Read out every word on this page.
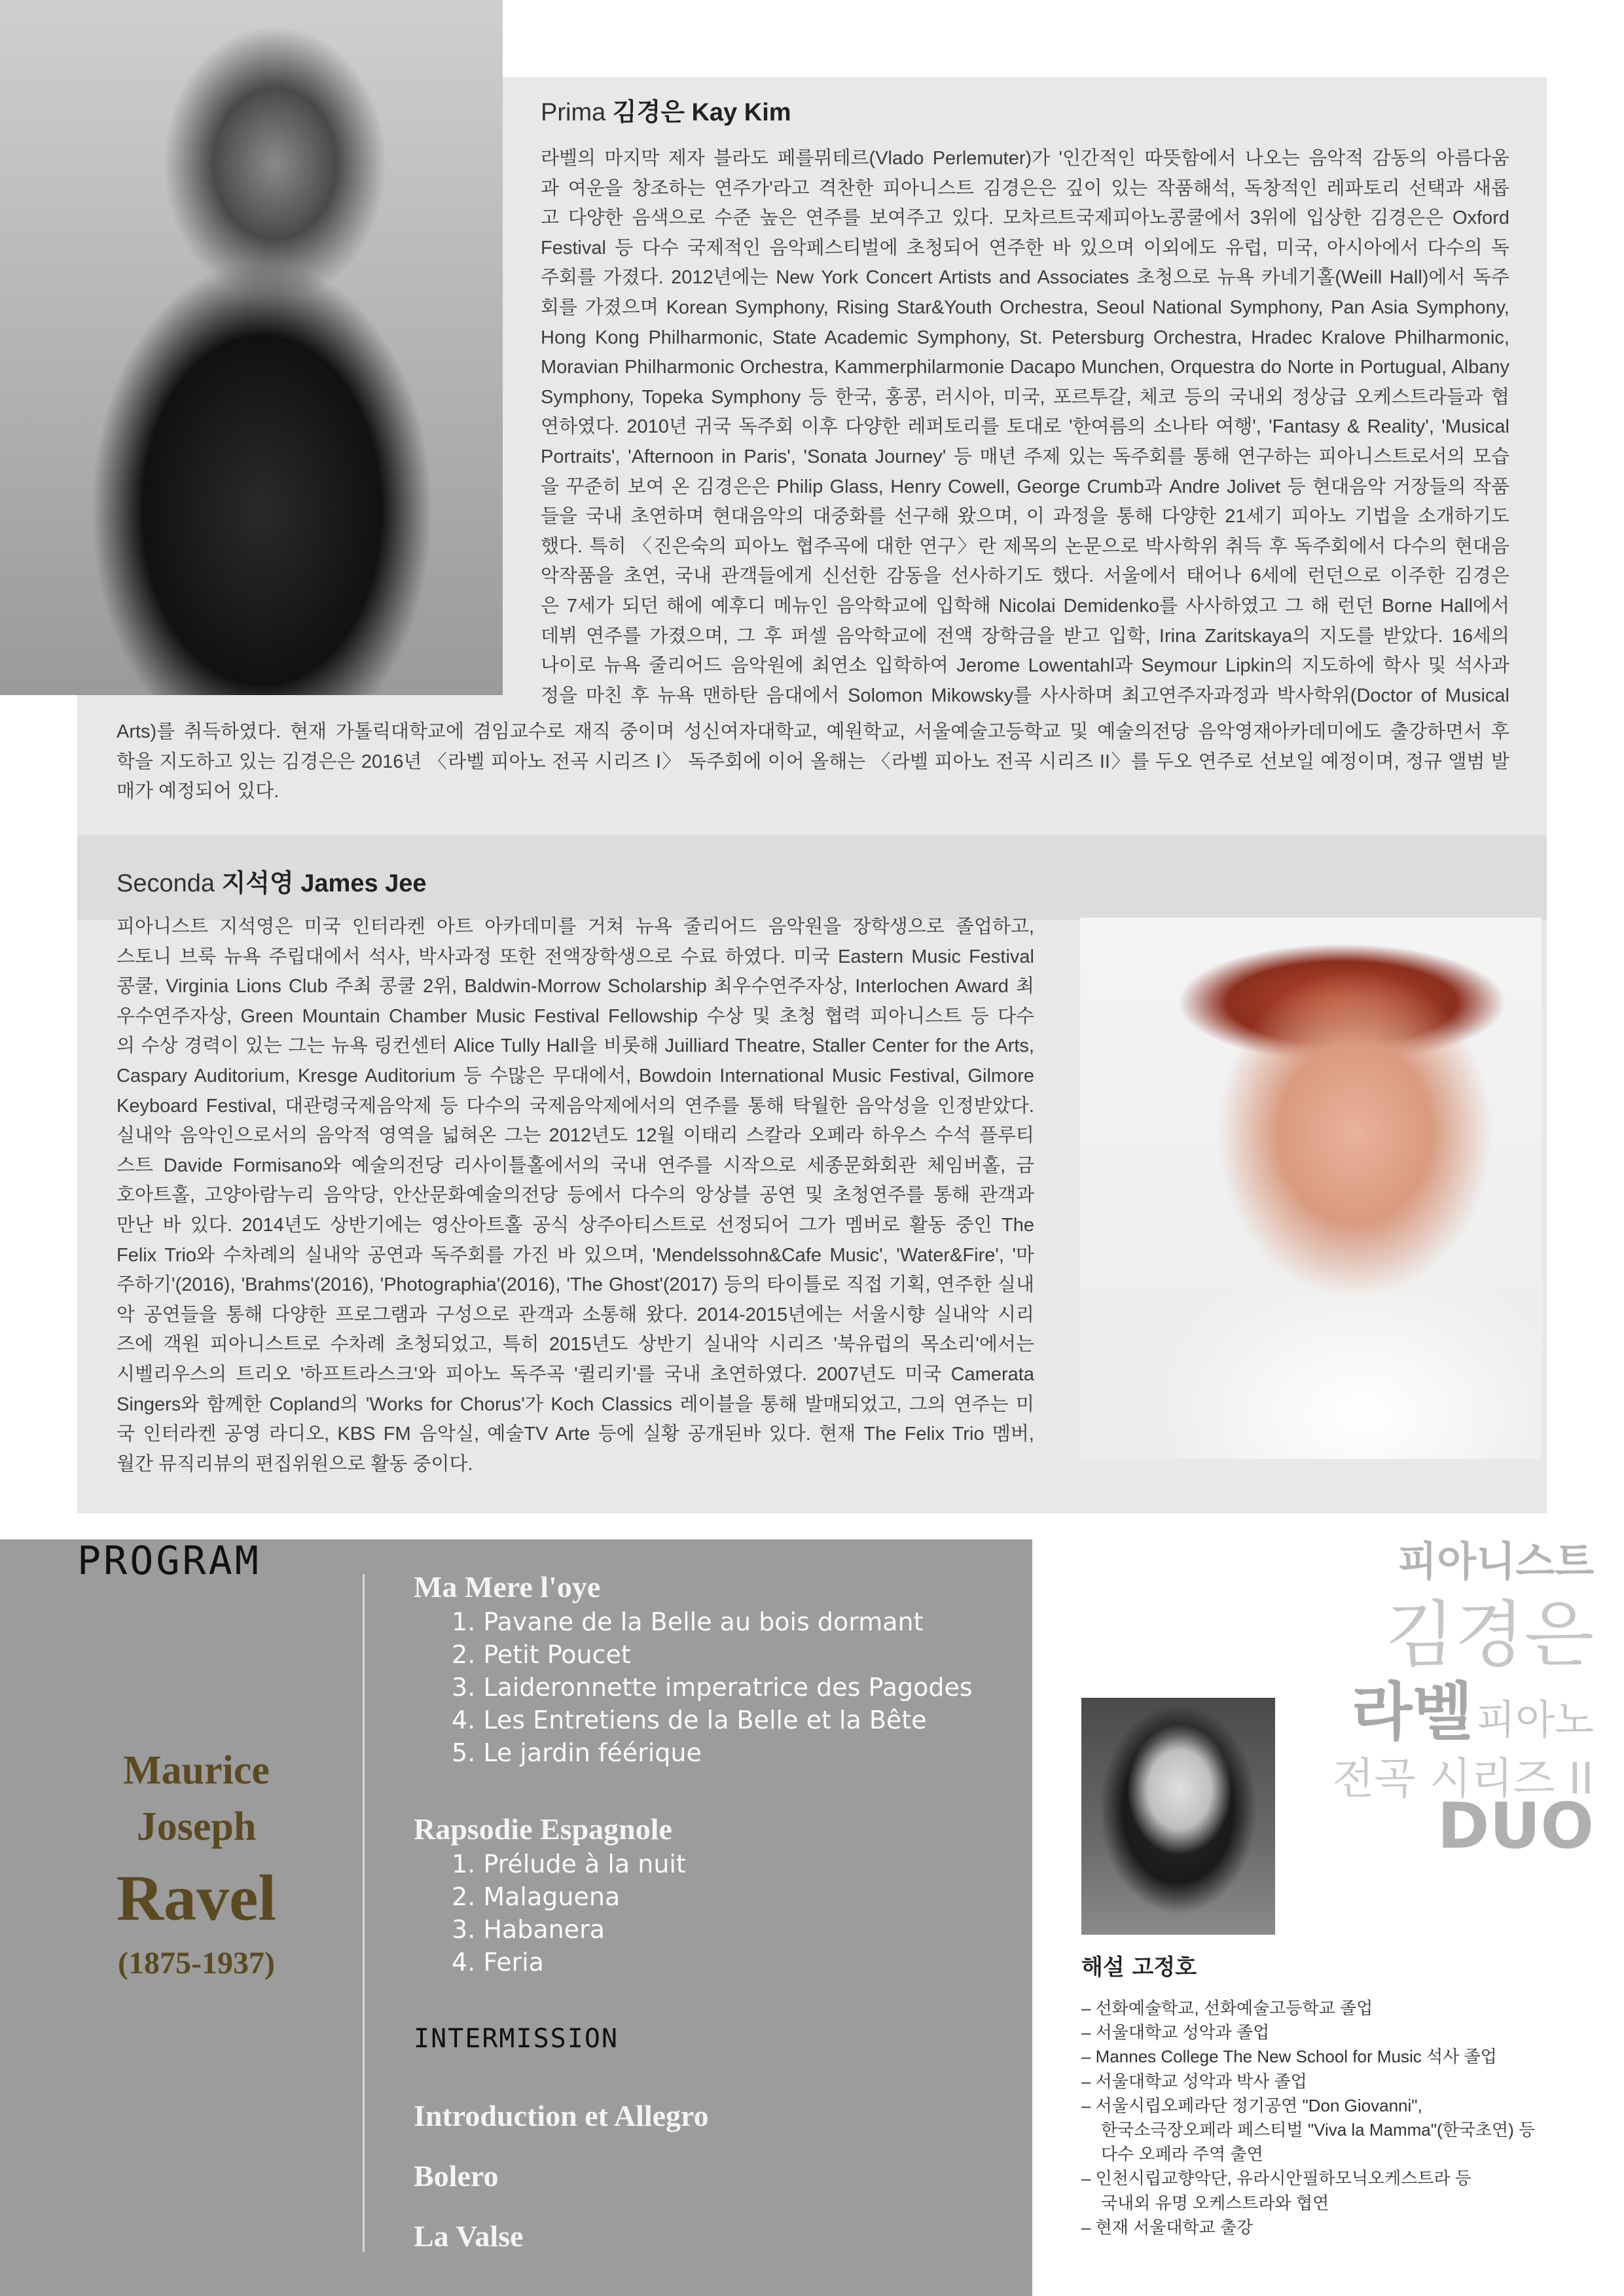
Prima 김경은 Kay Kim

라벨의 마지막 제자 블라도 페를뮈테르(Vlado Perlemuter)가 '인간적인 따뜻함에서 나오는 음악적 감동의 아름다움

과 여운을 창조하는 연주가'라고 격찬한 피아니스트 김경은은 깊이 있는 작품해석, 독창적인 레파토리 선택과 새롭

고 다양한 음색으로 수준 높은 연주를 보여주고 있다. 모차르트국제피아노콩쿨에서 3위에 입상한 김경은은 Oxford

Festival 등 다수 국제적인 음악페스티벌에 초청되어 연주한 바 있으며 이외에도 유럽, 미국, 아시아에서 다수의 독

주회를 가졌다. 2012년에는 New York Concert Artists and Associates 초청으로 뉴욕 카네기홀(Weill Hall)에서 독주

회를 가졌으며 Korean Symphony, Rising Star&Youth Orchestra, Seoul National Symphony, Pan Asia Symphony,

Hong Kong Philharmonic, State Academic Symphony, St. Petersburg Orchestra, Hradec Kralove Philharmonic,

Moravian Philharmonic Orchestra, Kammerphilarmonie Dacapo Munchen, Orquestra do Norte in Portugual, Albany

Symphony, Topeka Symphony 등 한국, 홍콩, 러시아, 미국, 포르투갈, 체코 등의 국내외 정상급 오케스트라들과 협

연하였다. 2010년 귀국 독주회 이후 다양한 레퍼토리를 토대로 '한여름의 소나타 여행', 'Fantasy & Reality', 'Musical

Portraits', 'Afternoon in Paris', 'Sonata Journey' 등 매년 주제 있는 독주회를 통해 연구하는 피아니스트로서의 모습

을 꾸준히 보여 온 김경은은 Philip Glass, Henry Cowell, George Crumb과 Andre Jolivet 등 현대음악 거장들의 작품

들을 국내 초연하며 현대음악의 대중화를 선구해 왔으며, 이 과정을 통해 다양한 21세기 피아노 기법을 소개하기도

했다. 특히 〈진은숙의 피아노 협주곡에 대한 연구〉란 제목의 논문으로 박사학위 취득 후 독주회에서 다수의 현대음

악작품을 초연, 국내 관객들에게 신선한 감동을 선사하기도 했다. 서울에서 태어나 6세에 런던으로 이주한 김경은

은 7세가 되던 해에 예후디 메뉴인 음악학교에 입학해 Nicolai Demidenko를 사사하였고 그 해 런던 Borne Hall에서

데뷔 연주를 가졌으며, 그 후 퍼셀 음악학교에 전액 장학금을 받고 입학, Irina Zaritskaya의 지도를 받았다. 16세의

나이로 뉴욕 줄리어드 음악원에 최연소 입학하여 Jerome Lowentahl과 Seymour Lipkin의 지도하에 학사 및 석사과

정을 마친 후 뉴욕 맨하탄 음대에서 Solomon Mikowsky를 사사하며 최고연주자과정과 박사학위(Doctor of Musical

Arts)를 취득하였다. 현재 가톨릭대학교에 겸임교수로 재직 중이며 성신여자대학교, 예원학교, 서울예술고등학교 및 예술의전당 음악영재아카데미에도 출강하면서 후

학을 지도하고 있는 김경은은 2016년 〈라벨 피아노 전곡 시리즈 I〉 독주회에 이어 올해는 〈라벨 피아노 전곡 시리즈 II〉를 두오 연주로 선보일 예정이며, 정규 앨범 발

매가 예정되어 있다.

Seconda 지석영 James Jee

피아니스트 지석영은 미국 인터라켄 아트 아카데미를 거쳐 뉴욕 줄리어드 음악원을 장학생으로 졸업하고,

스토니 브룩 뉴욕 주립대에서 석사, 박사과정 또한 전액장학생으로 수료 하였다. 미국 Eastern Music Festival

콩쿨, Virginia Lions Club 주최 콩쿨 2위, Baldwin-Morrow Scholarship 최우수연주자상, Interlochen Award 최

우수연주자상, Green Mountain Chamber Music Festival Fellowship 수상 및 초청 협력 피아니스트 등 다수

의 수상 경력이 있는 그는 뉴욕 링컨센터 Alice Tully Hall을 비롯해 Juilliard Theatre, Staller Center for the Arts,

Caspary Auditorium, Kresge Auditorium 등 수많은 무대에서, Bowdoin International Music Festival, Gilmore

Keyboard Festival, 대관령국제음악제 등 다수의 국제음악제에서의 연주를 통해 탁월한 음악성을 인정받았다.

실내악 음악인으로서의 음악적 영역을 넓혀온 그는 2012년도 12월 이태리 스칼라 오페라 하우스 수석 플루티

스트 Davide Formisano와 예술의전당 리사이틀홀에서의 국내 연주를 시작으로 세종문화회관 체임버홀, 금

호아트홀, 고양아람누리 음악당, 안산문화예술의전당 등에서 다수의 앙상블 공연 및 초청연주를 통해 관객과

만난 바 있다. 2014년도 상반기에는 영산아트홀 공식 상주아티스트로 선정되어 그가 멤버로 활동 중인 The

Felix Trio와 수차례의 실내악 공연과 독주회를 가진 바 있으며, 'Mendelssohn&Cafe Music', 'Water&Fire', '마

주하기'(2016), 'Brahms'(2016), 'Photographia'(2016), 'The Ghost'(2017) 등의 타이틀로 직접 기획, 연주한 실내

악 공연들을 통해 다양한 프로그램과 구성으로 관객과 소통해 왔다. 2014-2015년에는 서울시향 실내악 시리

즈에 객원 피아니스트로 수차례 초청되었고, 특히 2015년도 상반기 실내악 시리즈 '북유럽의 목소리'에서는

시벨리우스의 트리오 '하프트라스크'와 피아노 독주곡 '퀼리키'를 국내 초연하였다. 2007년도 미국 Camerata

Singers와 함께한 Copland의 'Works for Chorus'가 Koch Classics 레이블을 통해 발매되었고, 그의 연주는 미

국 인터라켄 공영 라디오, KBS FM 음악실, 예술TV Arte 등에 실황 공개된바 있다. 현재 The Felix Trio 멤버,

월간 뮤직리뷰의 편집위원으로 활동 중이다.

PROGRAM
Maurice
Joseph
Ravel
(1875-1937)
Ma Mere l'oye
1. Pavane de la Belle au bois dormant
2. Petit Poucet
3. Laideronnette imperatrice des Pagodes
4. Les Entretiens de la Belle et la Bête
5. Le jardin féérique
Rapsodie Espagnole
1. Prélude à la nuit
2. Malaguena
3. Habanera
4. Feria
INTERMISSION
Introduction et Allegro
Bolero
La Valse
피아니스트
김경은
라벨 피아노
전곡 시리즈 II
DUO
해설 고정호
– 선화예술학교, 선화예술고등학교 졸업
– 서울대학교 성악과 졸업
– Mannes College The New School for Music 석사 졸업
– 서울대학교 성악과 박사 졸업
– 서울시립오페라단 정기공연 "Don Giovanni",
한국소극장오페라 페스티벌 "Viva la Mamma"(한국초연) 등
다수 오페라 주역 출연
– 인천시립교향악단, 유라시안필하모닉오케스트라 등
국내외 유명 오케스트라와 협연
– 현재 서울대학교 출강
